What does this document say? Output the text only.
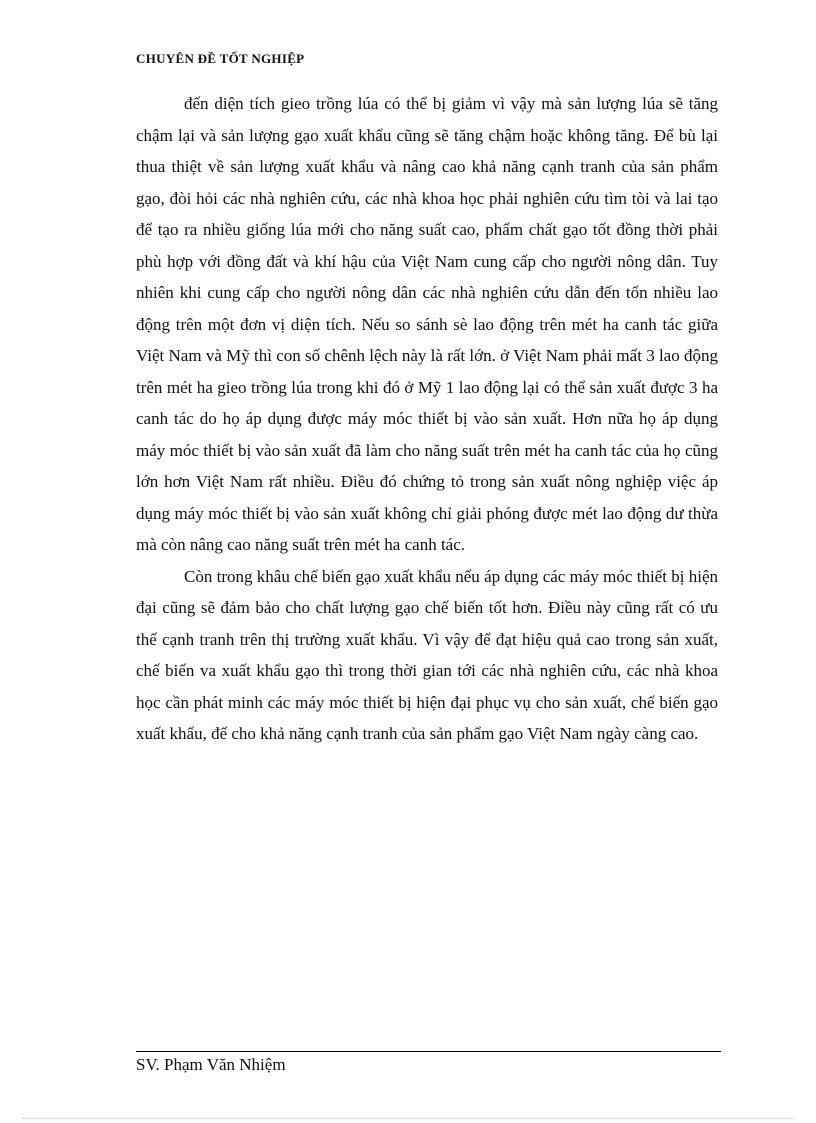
CHUYÊN ĐỀ TỐT NGHIỆP

đến diện tích gieo trồng lúa có thể bị giảm vì vậy mà sản lượng lúa sẽ tăng chậm lại và sản lượng gạo xuất khẩu cũng sẽ tăng chậm hoặc không tăng. Để bù lại thua thiệt về sản lượng xuất khẩu và nâng cao khả năng cạnh tranh của sản phẩm gạo, đòi hỏi các nhà nghiên cứu, các nhà khoa học phải nghiên cứu tìm tòi và lai tạo để tạo ra nhiều giống lúa mới cho năng suất cao, phẩm chất gạo tốt đồng thời phải phù hợp với đồng đất và khí hậu của Việt Nam cung cấp cho người nông dân. Tuy nhiên khi cung cấp cho người nông dân các nhà nghiên cứu dẫn đến tốn nhiều lao động trên một đơn vị diện tích. Nếu so sánh sè lao động trên mét ha canh tác giữa Việt Nam và Mỹ thì con số chênh lệch này là rất lớn. ở Việt Nam phải mất 3 lao động trên mét ha gieo trồng lúa trong khi đó ở Mỹ 1 lao động lại có thể sản xuất được 3 ha canh tác do họ áp dụng được máy móc thiết bị vào sản xuất. Hơn nữa họ áp dụng máy móc thiết bị vào sản xuất đã làm cho năng suất trên mét ha canh tác của họ cũng lớn hơn Việt Nam rất nhiều. Điều đó chứng tỏ trong sản xuất nông nghiệp việc áp dụng máy móc thiết bị vào sản xuất không chỉ giải phóng được mét lao động dư thừa mà còn nâng cao năng suất trên mét ha canh tác.

Còn trong khâu chế biến gạo xuất khẩu nếu áp dụng các máy móc thiết bị hiện đại cũng sẽ đảm bảo cho chất lượng gạo chế biến tốt hơn. Điều này cũng rất có ưu thế cạnh tranh trên thị trường xuất khẩu. Vì vậy để đạt hiệu quả cao trong sản xuất, chế biến va xuất khẩu gạo thì trong thời gian tới các nhà nghiên cứu, các nhà khoa học cần phát minh các máy móc thiết bị hiện đại phục vụ cho sản xuất, chế biến gạo xuất khẩu, để cho khả năng cạnh tranh của sản phẩm gạo Việt Nam ngày càng cao.

SV. Phạm Văn Nhiệm
